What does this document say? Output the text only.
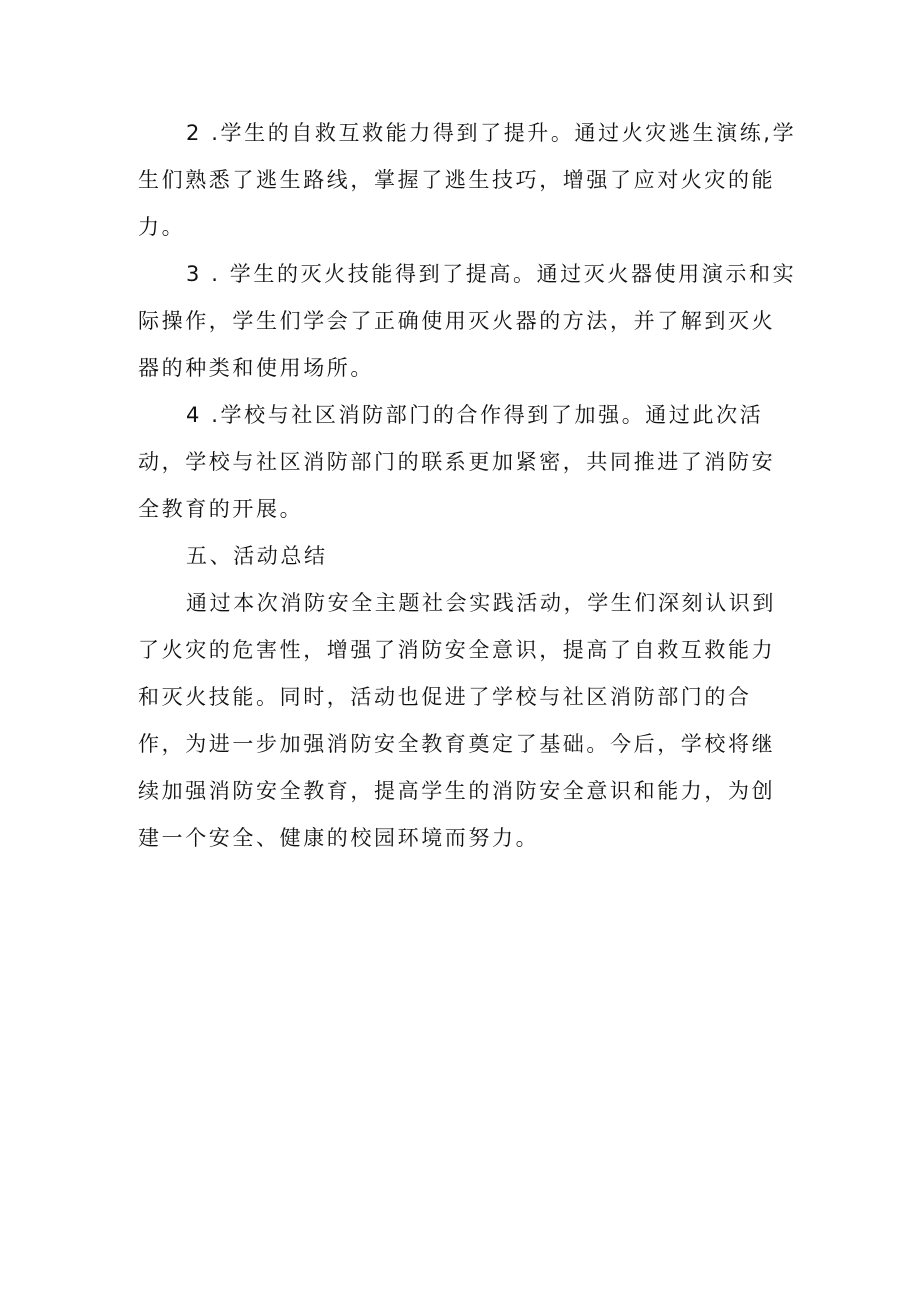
2 .学生的自救互救能力得到了提升。通过火灾逃生演练,学生们熟悉了逃生路线，掌握了逃生技巧，增强了应对火灾的能力。

3 . 学生的灭火技能得到了提高。通过灭火器使用演示和实际操作，学生们学会了正确使用灭火器的方法，并了解到灭火器的种类和使用场所。

4 .学校与社区消防部门的合作得到了加强。通过此次活动，学校与社区消防部门的联系更加紧密，共同推进了消防安全教育的开展。

五、活动总结

通过本次消防安全主题社会实践活动，学生们深刻认识到了火灾的危害性，增强了消防安全意识，提高了自救互救能力和灭火技能。同时，活动也促进了学校与社区消防部门的合作，为进一步加强消防安全教育奠定了基础。今后，学校将继续加强消防安全教育，提高学生的消防安全意识和能力，为创建一个安全、健康的校园环境而努力。
